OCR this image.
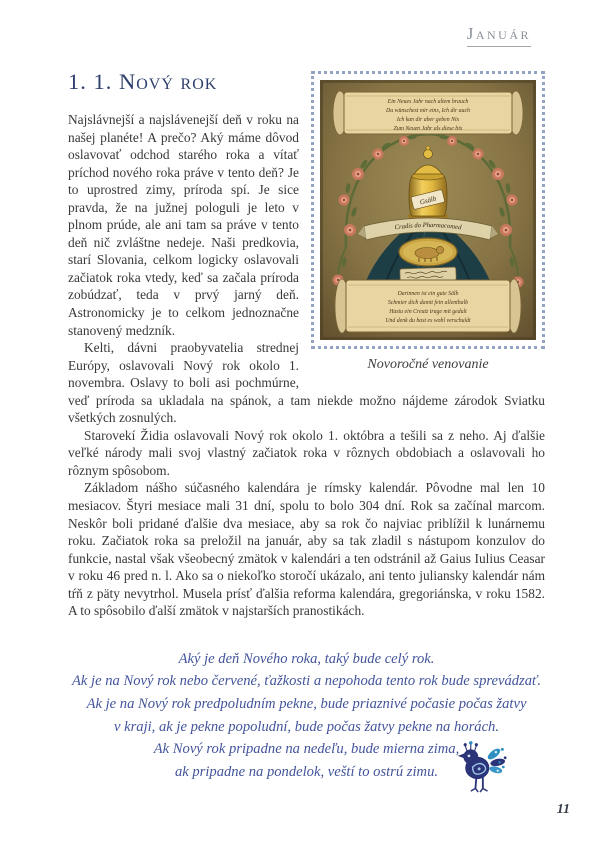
Január
Ein Neues Jahr nach altem brauch
Du wünschest mir eins, Ich dir auch
Ich kan dir aber geben Nix
Zum Neuen Jahr als diese bix
Gsälb
Cradis do Pharmacomed
Darinnen ist ein gute Sälb
Schmier dich damit fein allenthalb
Hastu ein Creutz trage mit gedult
Und denk du hast es wohl verschuldt
Novoročné venovanie
1. 1. Nový rok

Najslávnejší a najslávenejší deň v roku na našej planéte! A prečo? Aký máme dôvod oslavovať odchod starého roka a vítať príchod nového roka práve v tento deň? Je to uprostred zimy, príroda spí. Je sice pravda, že na južnej pologuli je leto v plnom prúde, ale ani tam sa práve v tento deň nič zvláštne nedeje. Naši predkovia, starí Slovania, celkom logicky oslavovali začiatok roka vtedy, keď sa začala príroda zobúdzať, teda v prvý jarný deň. Astronomicky je to celkom jednoznačne stanovený medzník.

Kelti, dávni praobyvatelia strednej Európy, oslavovali Nový rok okolo 1. novembra. Oslavy to boli asi pochmúrne, veď príroda sa ukladala na spánok, a tam niekde možno nájdeme zárodok Sviatku všetkých zosnulých.

Starovekí Židia oslavovali Nový rok okolo 1. októbra a tešili sa z neho. Aj ďalšie veľké národy mali svoj vlastný začiatok roka v rôznych obdobiach a oslavovali ho rôznym spôsobom.

Základom nášho súčasného kalendára je rímsky kalendár. Pôvodne mal len 10 mesiacov. Štyri mesiace mali 31 dní, spolu to bolo 304 dní. Rok sa začínal marcom. Neskôr boli pridané ďalšie dva mesiace, aby sa rok čo najviac priblížil k lunárnemu roku. Začiatok roka sa preložil na január, aby sa tak zladil s nástupom konzulov do funkcie, nastal však všeobecný zmätok v kalendári a ten odstránil až Gaius Iulius Ceasar v roku 46 pred n. l. Ako sa o niekoľko storočí ukázalo, ani tento juliansky kalendár nám tŕň z päty nevytrhol. Musela prísť ďalšia reforma kalendára, gregoriánska, v roku 1582. A to spôsobilo ďalší zmätok v najstarších pranostikách.

Aký je deň Nového roka, taký bude celý rok.
Ak je na Nový rok nebo červené, ťažkosti a nepohoda tento rok bude sprevádzať.
Ak je na Nový rok predpoludním pekne, bude priaznivé počasie počas žatvy
v kraji, ak je pekne popoludní, bude počas žatvy pekne na horách.
Ak Nový rok pripadne na nedeľu, bude mierna zima,
ak pripadne na pondelok, veští to ostrú zimu.
11
